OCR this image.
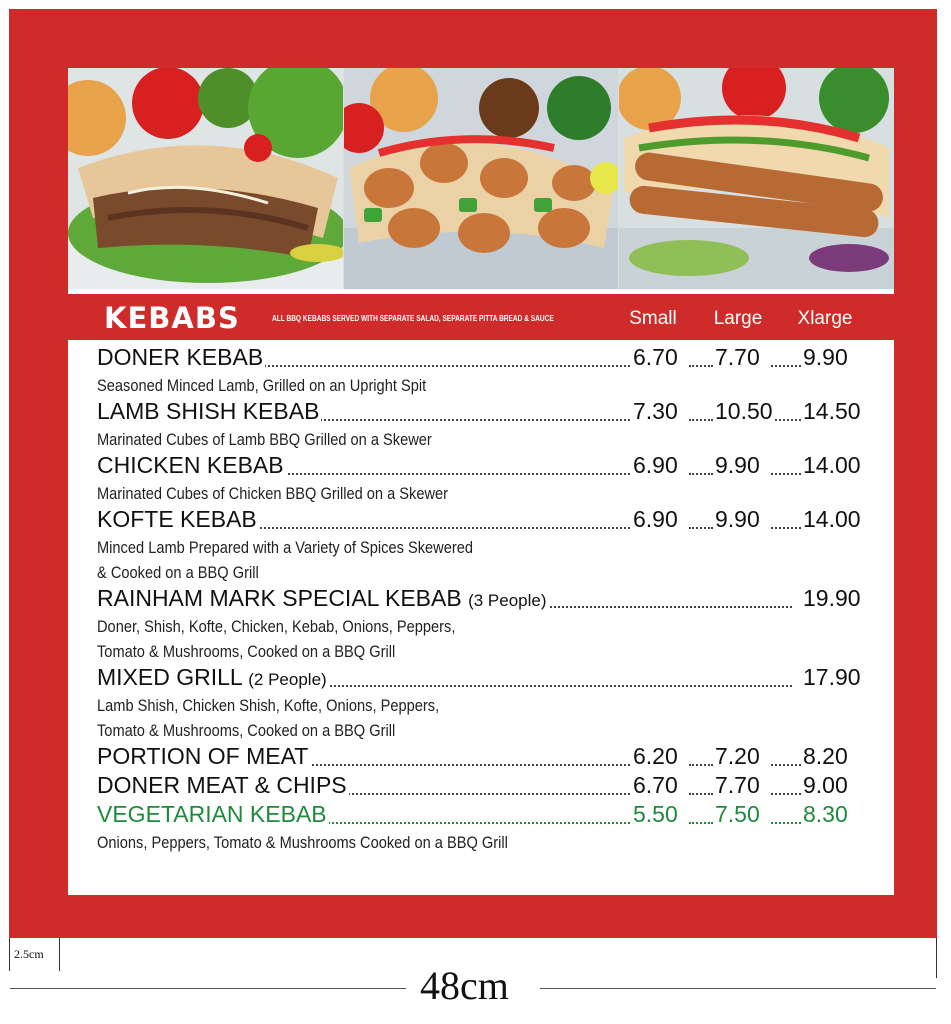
KEBABS	ALL BBQ KEBABS SERVED WITH SEPARATE SALAD, SEPARATE PITTA BREAD & SAUCE	Small	Large	Xlarge
DONER KEBAB	6.70 7.70 9.90
Seasoned Minced Lamb, Grilled on an Upright Spit
LAMB SHISH KEBAB	7.30 10.50 14.50
Marinated Cubes of Lamb BBQ Grilled on a Skewer
CHICKEN KEBAB	6.90 9.90 14.00
Marinated Cubes of Chicken BBQ Grilled on a Skewer
KOFTE KEBAB	6.90 9.90 14.00
Minced Lamb Prepared with a Variety of Spices Skewered
& Cooked on a BBQ Grill
RAINHAM MARK SPECIAL KEBAB (3 People)	19.90
Doner, Shish, Kofte, Chicken, Kebab, Onions, Peppers,
Tomato & Mushrooms, Cooked on a BBQ Grill
MIXED GRILL (2 People)	17.90
Lamb Shish, Chicken Shish, Kofte, Onions, Peppers,
Tomato & Mushrooms, Cooked on a BBQ Grill
PORTION OF MEAT	6.20 7.20 8.20
DONER MEAT & CHIPS	6.70 7.70 9.00
VEGETARIAN KEBAB	5.50 7.50 8.30
Onions, Peppers, Tomato & Mushrooms Cooked on a BBQ Grill
2.5cm
48cm
